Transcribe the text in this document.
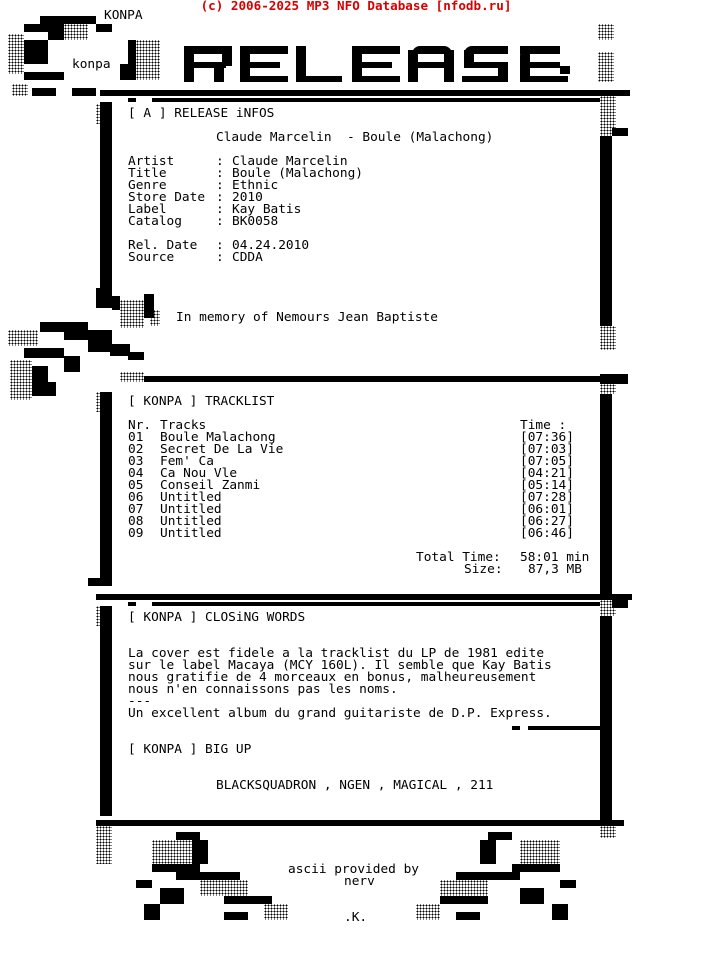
(c) 2006-2025 MP3 NFO Database [nfodb.ru]
KONPA
konpa
[ A ] RELEASE iNFOS
Claude Marcelin  - Boule (Malachong)
Artist	: Claude Marcelin
Title	: Boule (Malachong)
Genre	: Ethnic
Store Date : 2010
Label	: Kay Batis
Catalog	: BK0058
Rel. Date : 04.24.2010
Source	: CDDA
In memory of Nemours Jean Baptiste
[ KONPA ] TRACKLIST
Nr. Tracks	Time :
01 Boule Malachong	[07:36]
02 Secret De La Vie	[07:03]
03 Fem' Ca	[07:05]
04 Ca Nou Vle	[04:21]
05 Conseil Zanmi	[05:14]
06 Untitled	[07:28]
07 Untitled	[06:01]
08 Untitled	[06:27]
09 Untitled	[06:46]
Total Time: 58:01 min
Size: 87,3 MB
[ KONPA ] CLOSiNG WORDS
La cover est fidele a la tracklist du LP de 1981 edite
sur le label Macaya (MCY 160L). Il semble que Kay Batis
nous gratifie de 4 morceaux en bonus, malheureusement
nous n'en connaissons pas les noms.
---
Un excellent album du grand guitariste de D.P. Express.
[ KONPA ] BIG UP
BLACKSQUADRON , NGEN , MAGICAL , 211
ascii provided by
nerv
.K.
